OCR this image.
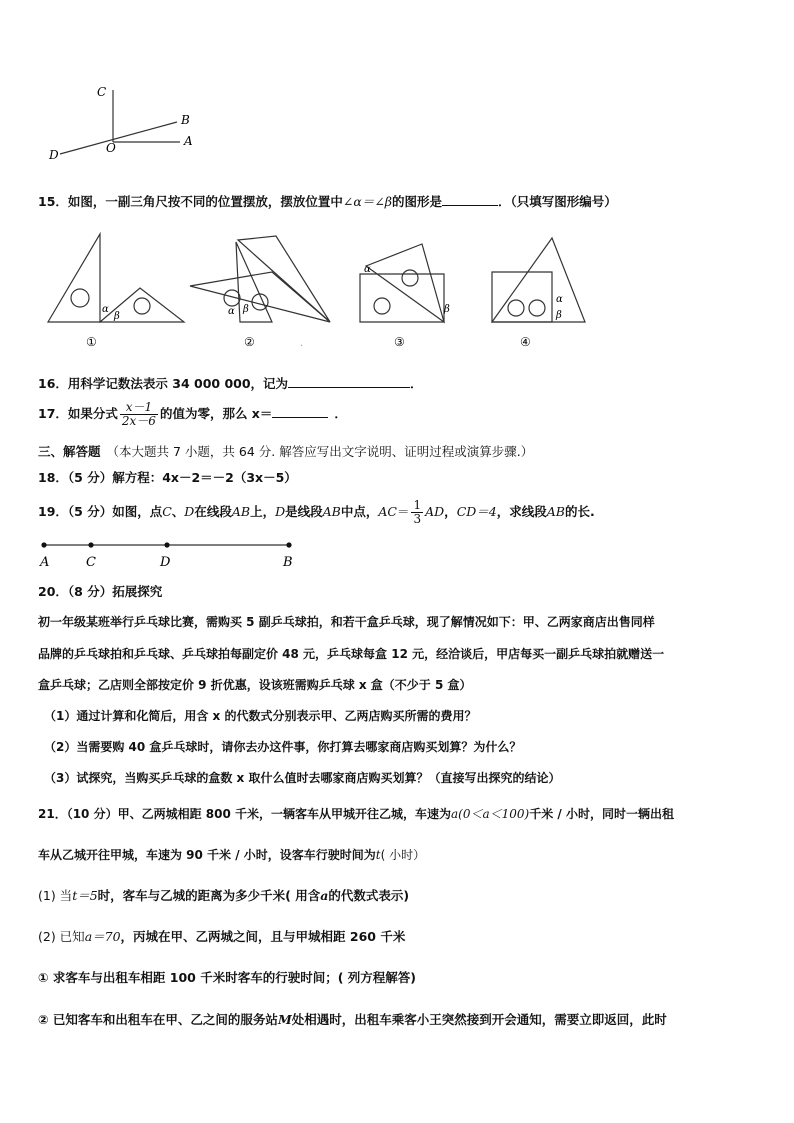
C
B
A
O
D
15．如图，一副三角尺按不同的位置摆放，摆放位置中∠α＝∠β的图形是	．（只填写图形编号）
α
β
①
α β
②	.
α
β
③
α
β
④
16．用科学记数法表示 34 000 000，记为	．
17．如果分式 $\frac{x-1}{2x-6}$ 的值为零，那么 x＝	．
三、解答题 （本大题共 7 小题，共 64 分. 解答应写出文字说明、证明过程或演算步骤.）
18．（5 分）解方程：4x－2＝－2（3x－5）
19．（5 分）如图，点C、D在线段AB上，D是线段AB中点，$AC= \frac{1}{3}$ AD，CD＝4，求线段AB的长.
A	C	D	B
20．（8 分）拓展探究
初一年级某班举行乒乓球比赛，需购买 5 副乒乓球拍，和若干盒乒乓球，现了解情况如下：甲、乙两家商店出售同样
品牌的乒乓球拍和乒乓球、乒乓球拍每副定价 48 元，乒乓球每盒 12 元，经洽谈后，甲店每买一副乒乓球拍就赠送一
盒乒乓球；乙店则全部按定价 9 折优惠，设该班需购乒乓球 x 盒（不少于 5 盒）
（1）通过计算和化简后，用含 x 的代数式分别表示甲、乙两店购买所需的费用？
（2）当需要购 40 盒乒乓球时，请你去办这件事，你打算去哪家商店购买划算？为什么？
（3）试探究，当购买乒乓球的盒数 x 取什么值时去哪家商店购买划算？（直接写出探究的结论）
21．（10 分）甲、乙两城相距 800 千米，一辆客车从甲城开往乙城，车速为a(0＜a＜100)千米 / 小时，同时一辆出租
车从乙城开往甲城，车速为 90 千米 / 小时，设客车行驶时间为t( 小时）
(1) 当t＝5时，客车与乙城的距离为多少千米( 用含a的代数式表示)
(2) 已知a＝70，丙城在甲、乙两城之间，且与甲城相距 260 千米
① 求客车与出租车相距 100 千米时客车的行驶时间；( 列方程解答)
② 已知客车和出租车在甲、乙之间的服务站M处相遇时，出租车乘客小王突然接到开会通知，需要立即返回，此时
